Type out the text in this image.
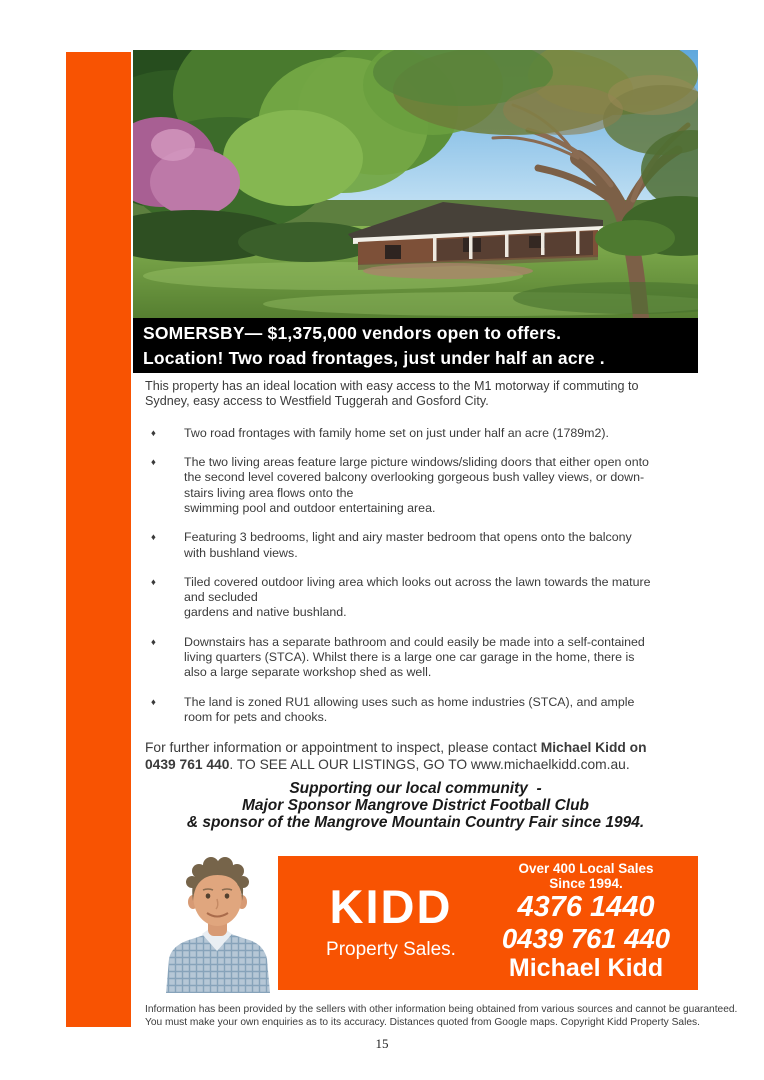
SOMERSBY— $1,375,000 vendors open to offers.
Location! Two road frontages, just under half an acre .
This property has an ideal location with easy access to the M1 motorway if commuting to
Sydney, easy access to Westfield Tuggerah and Gosford City.
♦	Two road frontages with family home set on just under half an acre (1789m2).
♦	The two living areas feature large picture windows/sliding doors that either open onto
the second level covered balcony overlooking gorgeous bush valley views, or down-
stairs living area flows onto the
swimming pool and outdoor entertaining area.
♦	Featuring 3 bedrooms, light and airy master bedroom that opens onto the balcony
with bushland views.
♦	Tiled covered outdoor living area which looks out across the lawn towards the mature
and secluded
gardens and native bushland.
♦	Downstairs has a separate bathroom and could easily be made into a self-contained
living quarters (STCA). Whilst there is a large one car garage in the home, there is
also a large separate workshop shed as well.
♦	The land is zoned RU1 allowing uses such as home industries (STCA), and ample
room for pets and chooks.
For further information or appointment to inspect, please contact Michael Kidd on
0439 761 440. TO SEE ALL OUR LISTINGS, GO TO www.michaelkidd.com.au.
Supporting our local community  -
Major Sponsor Mangrove District Football Club
& sponsor of the Mangrove Mountain Country Fair since 1994.
KIDD
Property Sales.
Over 400 Local Sales
Since 1994.
4376 1440
0439 761 440
Michael Kidd
Information has been provided by the sellers with other information being obtained from various sources and cannot be guaranteed.
You must make your own enquiries as to its accuracy. Distances quoted from Google maps. Copyright Kidd Property Sales.
15
